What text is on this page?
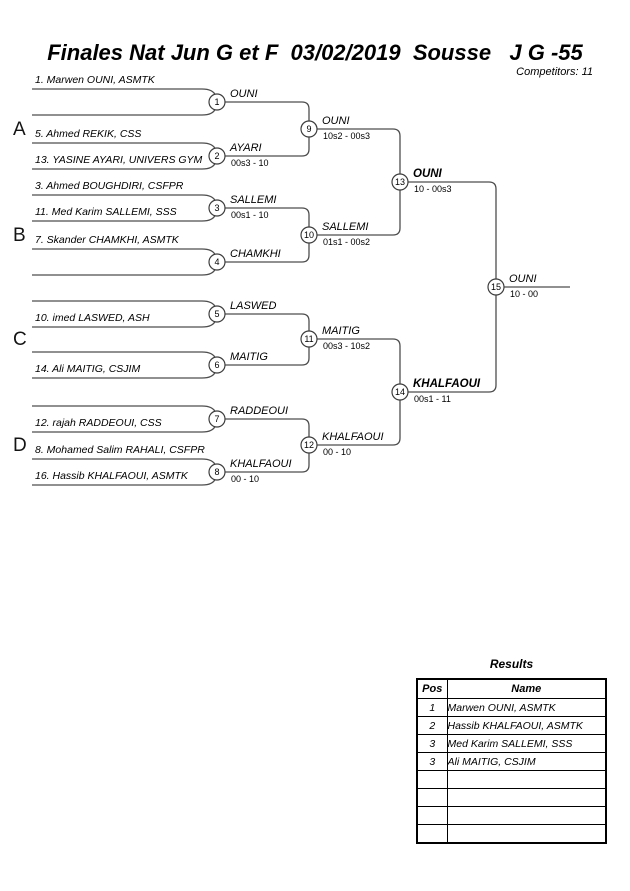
Finales Nat Jun G et F  03/02/2019  Sousse   J G -55
Competitors: 11
A
B
C
D
1. Marwen OUNI, ASMTK
5. Ahmed REKIK, CSS
13. YASINE AYARI, UNIVERS GYM
3. Ahmed BOUGHDIRI, CSFPR
11. Med Karim SALLEMI, SSS
7. Skander CHAMKHI, ASMTK
10. imed LASWED, ASH
14. Ali MAITIG, CSJIM
12. rajah RADDEOUI, CSS
8. Mohamed Salim RAHALI, CSFPR
16. Hassib KHALFAOUI, ASMTK
1
OUNI
2
AYARI
00s3 - 10
3
SALLEMI
00s1 - 10
4
CHAMKHI
5
LASWED
6
MAITIG
7
RADDEOUI
8
KHALFAOUI
00 - 10
9
OUNI
10s2 - 00s3
10
SALLEMI
01s1 - 00s2
11
MAITIG
00s3 - 10s2
12
KHALFAOUI
00 - 10
13
OUNI
10 - 00s3
14
KHALFAOUI
00s1 - 11
15
OUNI
10 - 00
Results
Pos	Name
1	Marwen OUNI, ASMTK
2	Hassib KHALFAOUI, ASMTK
3	Med Karim SALLEMI, SSS
3	Ali MAITIG, CSJIM
